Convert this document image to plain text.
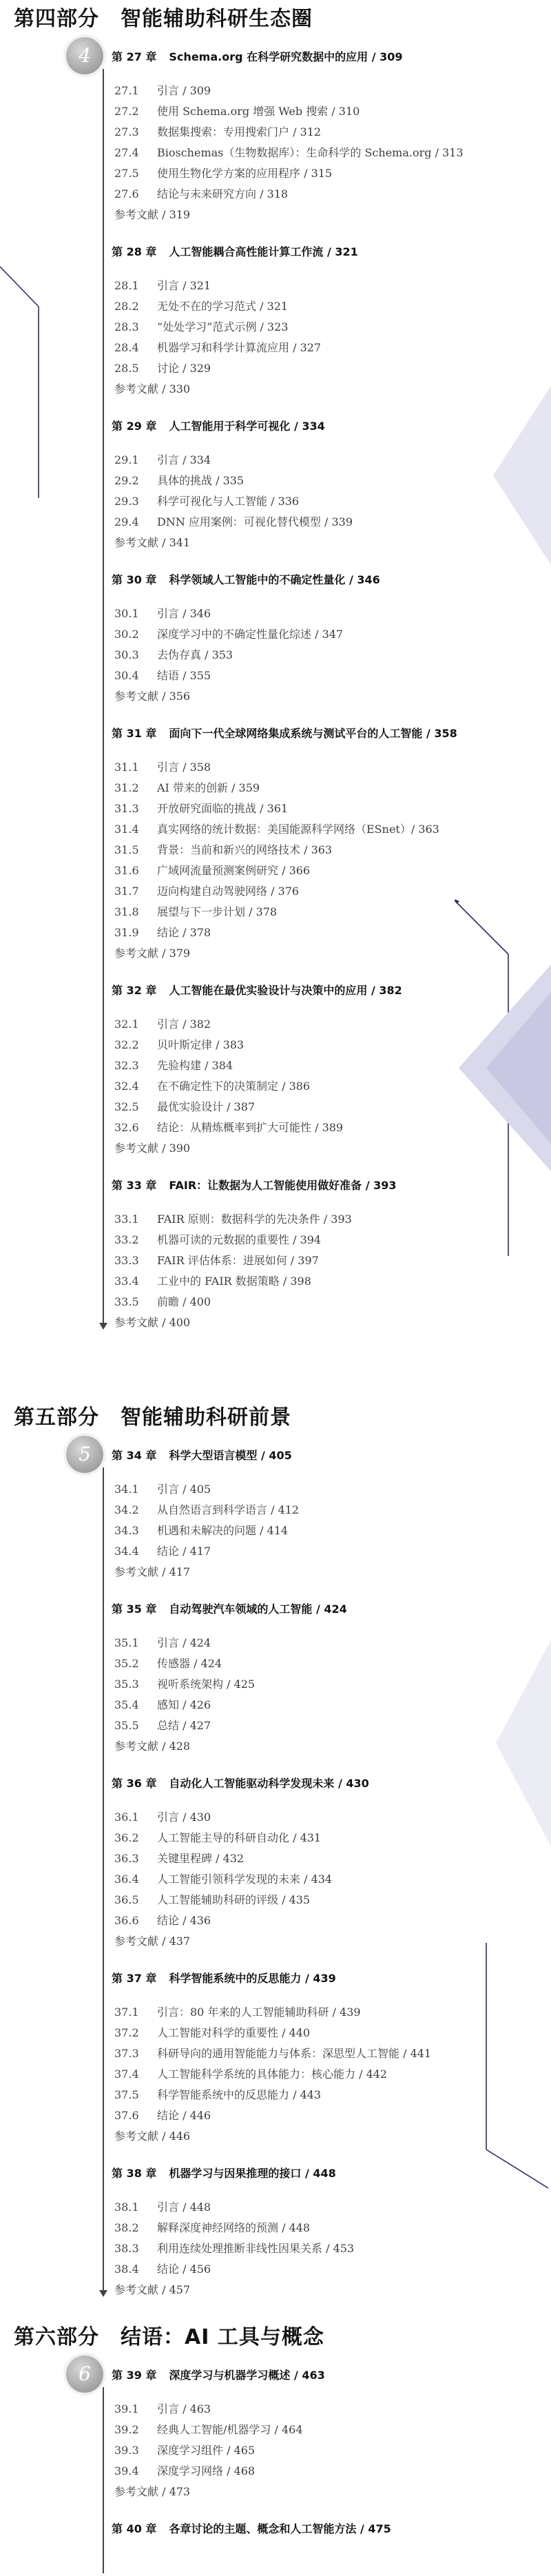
第四部分　智能辅助科研生态圈
4	第 27 章 Schema.org 在科学研究数据中的应用 / 309
27.1 引言 / 309
27.2 使用 Schema.org 增强 Web 搜索 / 310
27.3 数据集搜索：专用搜索门户 / 312
27.4 Bioschemas（生物数据库）：生命科学的 Schema.org / 313
27.5 使用生物化学方案的应用程序 / 315
27.6 结论与未来研究方向 / 318
参考文献 / 319
第 28 章 人工智能耦合高性能计算工作流 / 321
28.1 引言 / 321
28.2 无处不在的学习范式 / 321
28.3 “处处学习”范式示例 / 323
28.4 机器学习和科学计算流应用 / 327
28.5 讨论 / 329
参考文献 / 330
第 29 章 人工智能用于科学可视化 / 334
29.1 引言 / 334
29.2 具体的挑战 / 335
29.3 科学可视化与人工智能 / 336
29.4 DNN 应用案例：可视化替代模型 / 339
参考文献 / 341
第 30 章 科学领域人工智能中的不确定性量化 / 346
30.1 引言 / 346
30.2 深度学习中的不确定性量化综述 / 347
30.3 去伪存真 / 353
30.4 结语 / 355
参考文献 / 356
第 31 章 面向下一代全球网络集成系统与测试平台的人工智能 / 358
31.1 引言 / 358
31.2 AI 带来的创新 / 359
31.3 开放研究面临的挑战 / 361
31.4 真实网络的统计数据：美国能源科学网络（ESnet）/ 363
31.5 背景：当前和新兴的网络技术 / 363
31.6 广域网流量预测案例研究 / 366
31.7 迈向构建自动驾驶网络 / 376
31.8 展望与下一步计划 / 378
31.9 结论 / 378
参考文献 / 379
第 32 章 人工智能在最优实验设计与决策中的应用 / 382
32.1 引言 / 382
32.2 贝叶斯定律 / 383
32.3 先验构建 / 384
32.4 在不确定性下的决策制定 / 386
32.5 最优实验设计 / 387
32.6 结论：从精炼概率到扩大可能性 / 389
参考文献 / 390
第 33 章 FAIR：让数据为人工智能使用做好准备 / 393
33.1 FAIR 原则：数据科学的先决条件 / 393
33.2 机器可读的元数据的重要性 / 394
33.3 FAIR 评估体系：进展如何 / 397
33.4 工业中的 FAIR 数据策略 / 398
33.5 前瞻 / 400
参考文献 / 400
第五部分　智能辅助科研前景
5	第 34 章 科学大型语言模型 / 405
34.1 引言 / 405
34.2 从自然语言到科学语言 / 412
34.3 机遇和未解决的问题 / 414
34.4 结论 / 417
参考文献 / 417
第 35 章 自动驾驶汽车领域的人工智能 / 424
35.1 引言 / 424
35.2 传感器 / 424
35.3 视听系统架构 / 425
35.4 感知 / 426
35.5 总结 / 427
参考文献 / 428
第 36 章 自动化人工智能驱动科学发现未来 / 430
36.1 引言 / 430
36.2 人工智能主导的科研自动化 / 431
36.3 关键里程碑 / 432
36.4 人工智能引领科学发现的未来 / 434
36.5 人工智能辅助科研的评级 / 435
36.6 结论 / 436
参考文献 / 437
第 37 章 科学智能系统中的反思能力 / 439
37.1 引言：80 年来的人工智能辅助科研 / 439
37.2 人工智能对科学的重要性 / 440
37.3 科研导向的通用智能能力与体系：深思型人工智能 / 441
37.4 人工智能科学系统的具体能力：核心能力 / 442
37.5 科学智能系统中的反思能力 / 443
37.6 结论 / 446
参考文献 / 446
第 38 章 机器学习与因果推理的接口 / 448
38.1 引言 / 448
38.2 解释深度神经网络的预测 / 448
38.3 利用连续处理推断非线性因果关系 / 453
38.4 结论 / 456
参考文献 / 457
第六部分　结语：AI 工具与概念
6	第 39 章 深度学习与机器学习概述 / 463
39.1 引言 / 463
39.2 经典人工智能/机器学习 / 464
39.3 深度学习组件 / 465
39.4 深度学习网络 / 468
参考文献 / 473
第 40 章 各章讨论的主题、概念和人工智能方法 / 475
